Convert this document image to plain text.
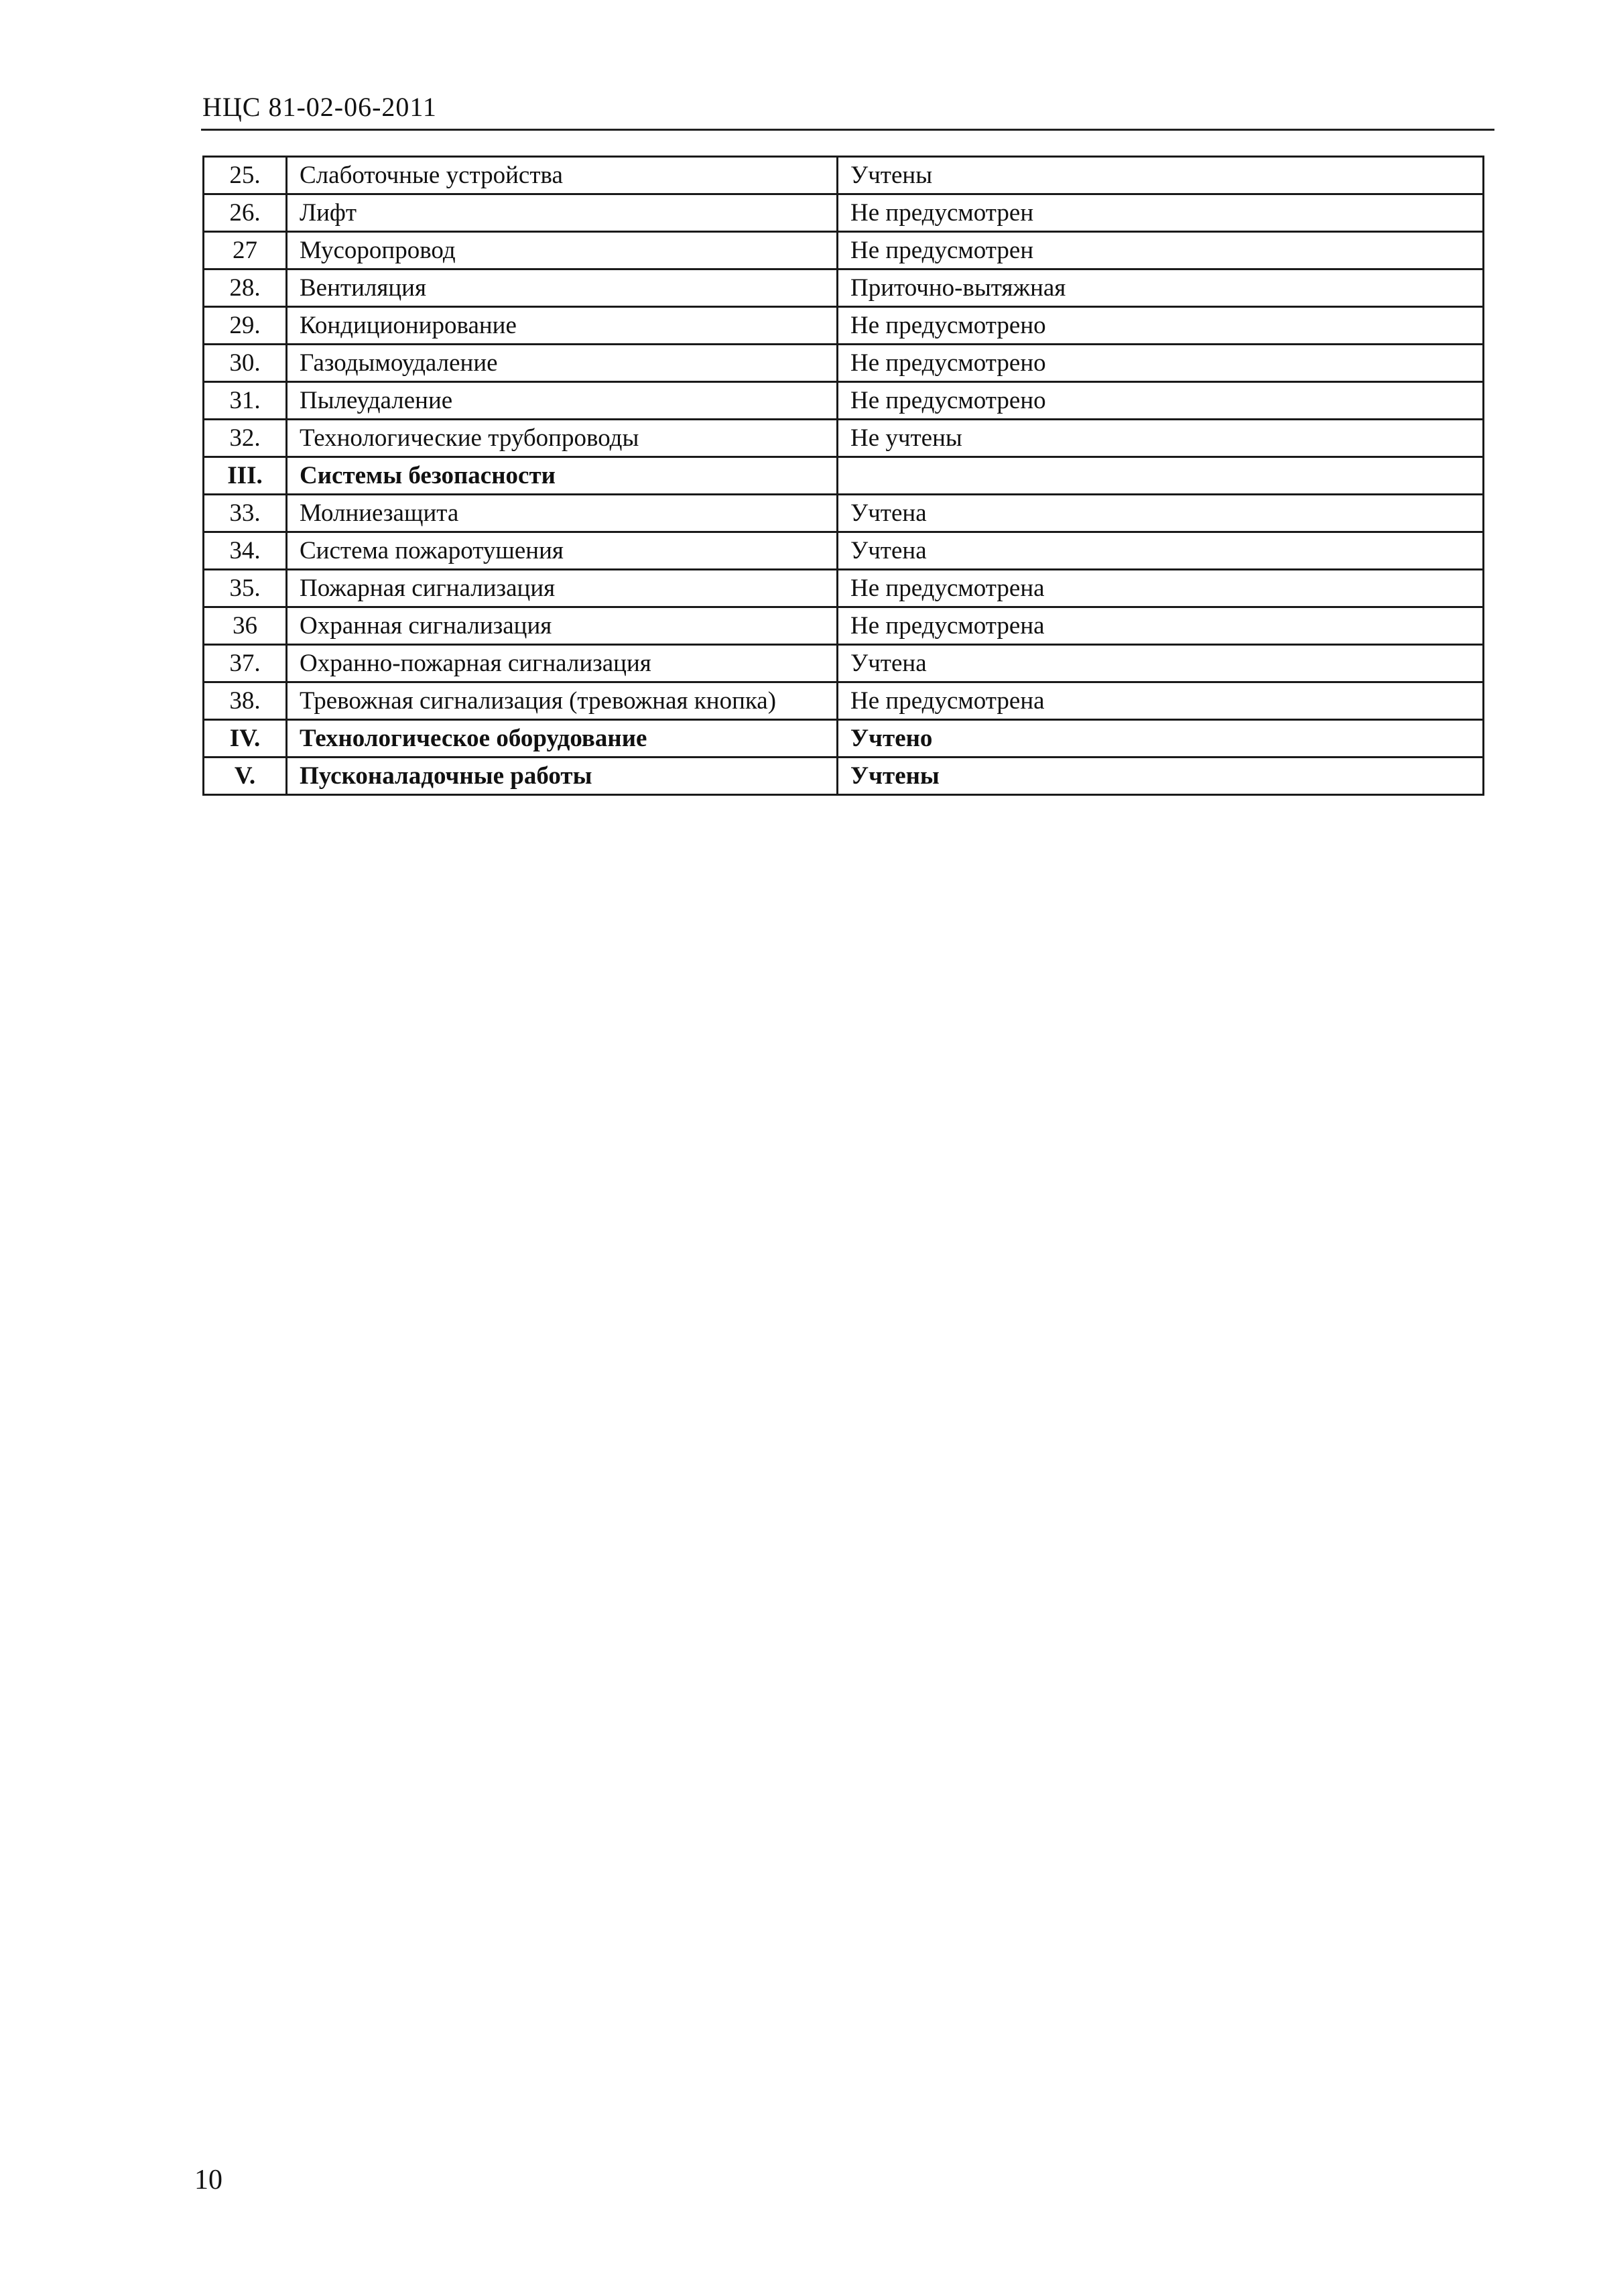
НЦС 81-02-06-2011
25.	Слаботочные устройства	Учтены
26.	Лифт	Не предусмотрен
27	Мусоропровод	Не предусмотрен
28.	Вентиляция	Приточно-вытяжная
29.	Кондиционирование	Не предусмотрено
30.	Газодымоудаление	Не предусмотрено
31.	Пылеудаление	Не предусмотрено
32.	Технологические трубопроводы	Не учтены
III.	Системы безопасности	
33.	Молниезащита	Учтена
34.	Система пожаротушения	Учтена
35.	Пожарная сигнализация	Не предусмотрена
36	Охранная сигнализация	Не предусмотрена
37.	Охранно-пожарная сигнализация	Учтена
38.	Тревожная сигнализация (тревожная кнопка)	Не предусмотрена
IV.	Технологическое оборудование	Учтено
V.	Пусконаладочные работы	Учтены
10
